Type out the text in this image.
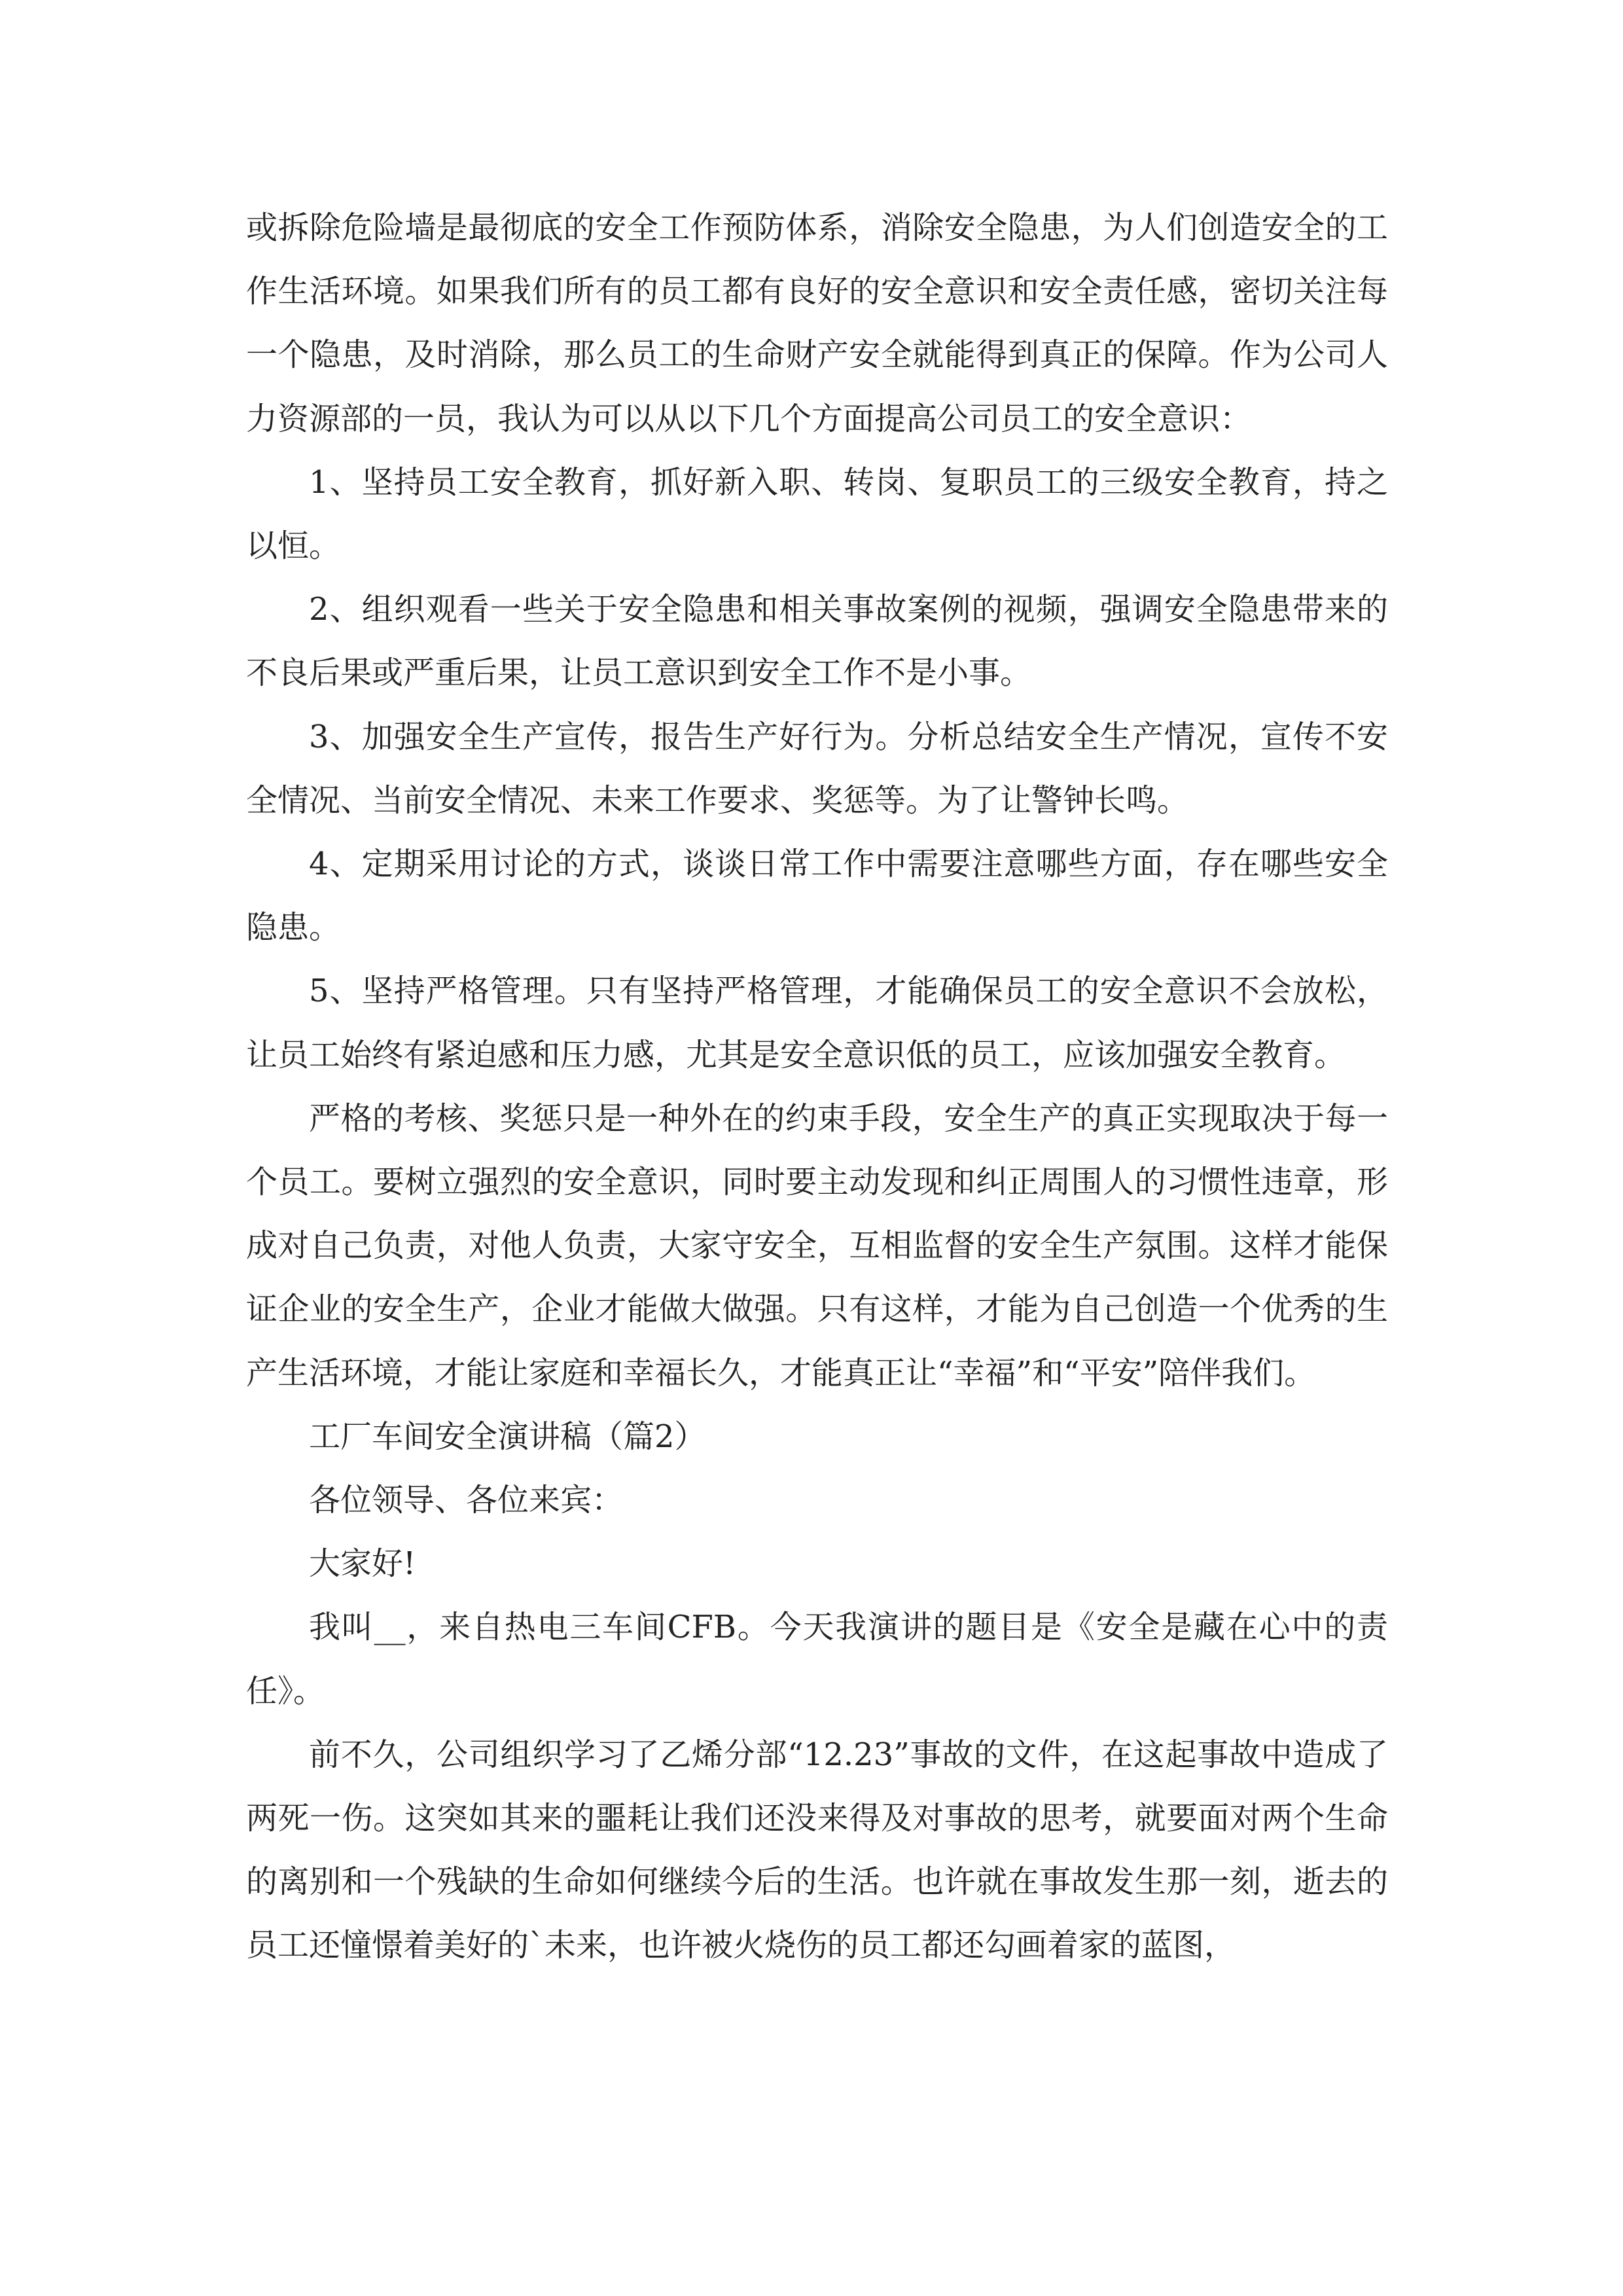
或拆除危险墙是最彻底的安全工作预防体系，消除安全隐患，为人们创造安全的工作生活环境。如果我们所有的员工都有良好的安全意识和安全责任感，密切关注每一个隐患，及时消除，那么员工的生命财产安全就能得到真正的保障。作为公司人力资源部的一员，我认为可以从以下几个方面提高公司员工的安全意识：

1、坚持员工安全教育，抓好新入职、转岗、复职员工的三级安全教育，持之以恒。

2、组织观看一些关于安全隐患和相关事故案例的视频，强调安全隐患带来的不良后果或严重后果，让员工意识到安全工作不是小事。

3、加强安全生产宣传，报告生产好行为。分析总结安全生产情况，宣传不安全情况、当前安全情况、未来工作要求、奖惩等。为了让警钟长鸣。

4、定期采用讨论的方式，谈谈日常工作中需要注意哪些方面，存在哪些安全隐患。

5、坚持严格管理。只有坚持严格管理，才能确保员工的安全意识不会放松，让员工始终有紧迫感和压力感，尤其是安全意识低的员工，应该加强安全教育。

严格的考核、奖惩只是一种外在的约束手段，安全生产的真正实现取决于每一个员工。要树立强烈的安全意识，同时要主动发现和纠正周围人的习惯性违章，形成对自己负责，对他人负责，大家守安全，互相监督的安全生产氛围。这样才能保证企业的安全生产，企业才能做大做强。只有这样，才能为自己创造一个优秀的生产生活环境，才能让家庭和幸福长久，才能真正让“幸福”和“平安”陪伴我们。

工厂车间安全演讲稿（篇2）

各位领导、各位来宾：

大家好!

我叫__，来自热电三车间CFB。今天我演讲的题目是《安全是藏在心中的责任》。

前不久，公司组织学习了乙烯分部“12.23”事故的文件，在这起事故中造成了两死一伤。这突如其来的噩耗让我们还没来得及对事故的思考，就要面对两个生命的离别和一个残缺的生命如何继续今后的生活。也许就在事故发生那一刻，逝去的员工还憧憬着美好的`未来，也许被火烧伤的员工都还勾画着家的蓝图，
